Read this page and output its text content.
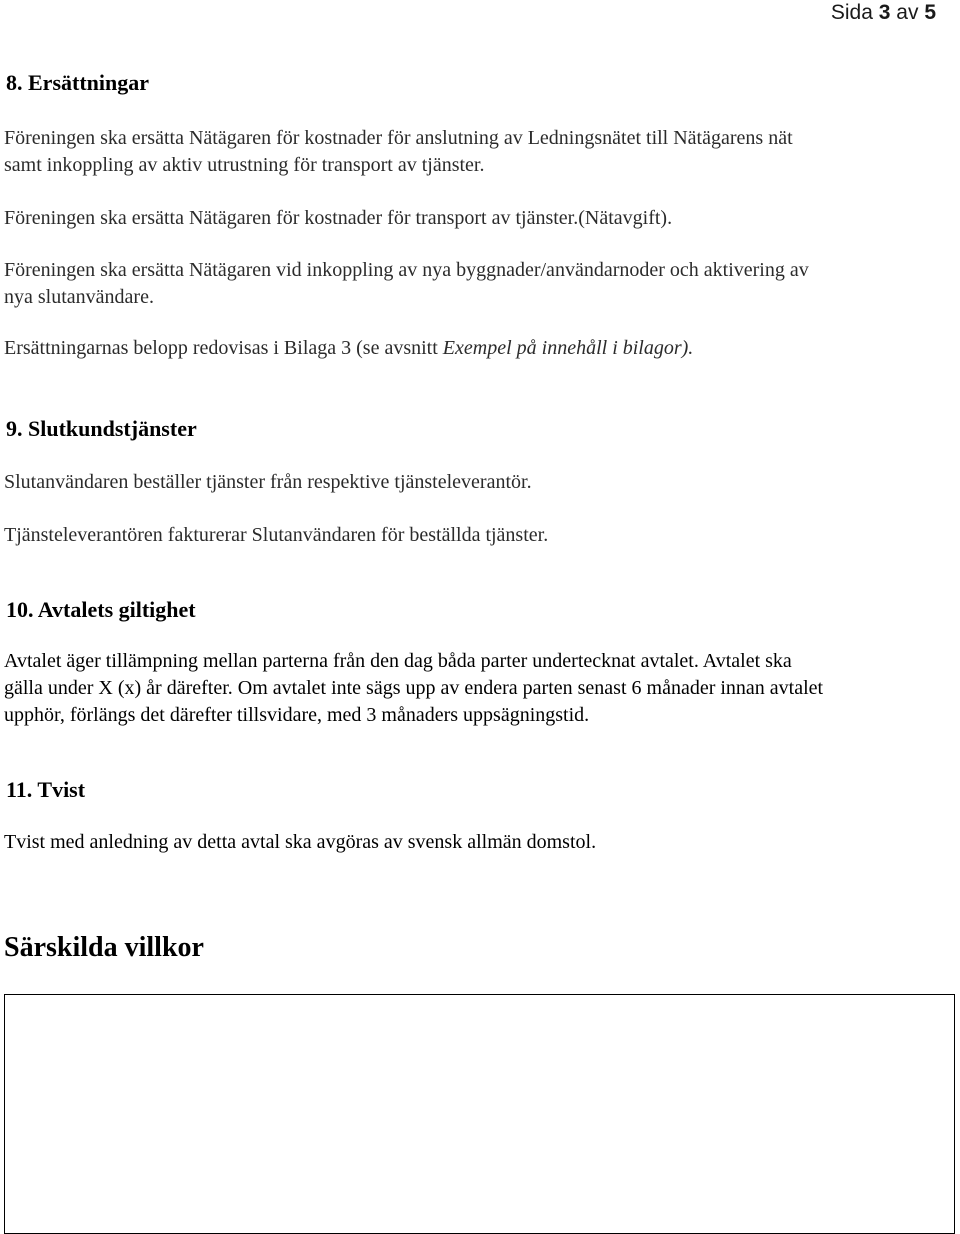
Sida 3 av 5
8. Ersättningar
Föreningen ska ersätta Nätägaren för kostnader för anslutning av Ledningsnätet till Nätägarens nät
samt inkoppling av aktiv utrustning för transport av tjänster.
Föreningen ska ersätta Nätägaren för kostnader för transport av tjänster.(Nätavgift).
Föreningen ska ersätta Nätägaren vid inkoppling av nya byggnader/användarnoder och aktivering av
nya slutanvändare.
Ersättningarnas belopp redovisas i Bilaga 3 (se avsnitt Exempel på innehåll i bilagor).
9. Slutkundstjänster
Slutanvändaren beställer tjänster från respektive tjänsteleverantör.
Tjänsteleverantören fakturerar Slutanvändaren för beställda tjänster.
10. Avtalets giltighet
Avtalet äger tillämpning mellan parterna från den dag båda parter undertecknat avtalet. Avtalet ska
gälla under X (x) år därefter. Om avtalet inte sägs upp av endera parten senast 6 månader innan avtalet
upphör, förlängs det därefter tillsvidare, med 3 månaders uppsägningstid.
11. Tvist
Tvist med anledning av detta avtal ska avgöras av svensk allmän domstol.
Särskilda villkor
